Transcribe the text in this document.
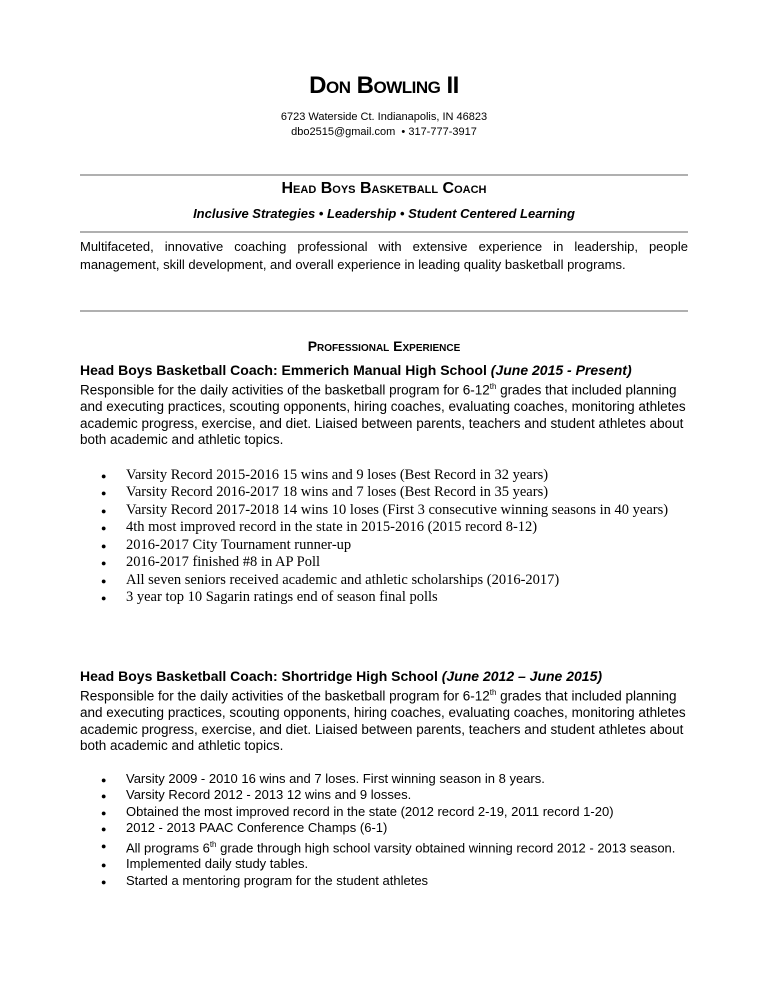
Don Bowling II
6723 Waterside Ct. Indianapolis, IN 46823
dbo2515@gmail.com • 317-777-3917
Head Boys Basketball Coach
Inclusive Strategies • Leadership • Student Centered Learning
Multifaceted, innovative coaching professional with extensive experience in leadership, people management, skill development, and overall experience in leading quality basketball programs.
Professional Experience
Head Boys Basketball Coach: Emmerich Manual High School (June 2015 - Present)
Responsible for the daily activities of the basketball program for 6-12th grades that included planning and executing practices, scouting opponents, hiring coaches, evaluating coaches, monitoring athletes academic progress, exercise, and diet. Liaised between parents, teachers and student athletes about both academic and athletic topics.
● Varsity Record 2015-2016 15 wins and 9 loses (Best Record in 32 years)
● Varsity Record 2016-2017 18 wins and 7 loses (Best Record in 35 years)
● Varsity Record 2017-2018 14 wins 10 loses (First 3 consecutive winning seasons in 40 years)
● 4th most improved record in the state in 2015-2016 (2015 record 8-12)
● 2016-2017 City Tournament runner-up
● 2016-2017 finished #8 in AP Poll
● All seven seniors received academic and athletic scholarships (2016-2017)
● 3 year top 10 Sagarin ratings end of season final polls
Head Boys Basketball Coach: Shortridge High School (June 2012 – June 2015)
Responsible for the daily activities of the basketball program for 6-12th grades that included planning and executing practices, scouting opponents, hiring coaches, evaluating coaches, monitoring athletes academic progress, exercise, and diet. Liaised between parents, teachers and student athletes about both academic and athletic topics.
● Varsity 2009 - 2010 16 wins and 7 loses. First winning season in 8 years.
● Varsity Record 2012 - 2013 12 wins and 9 losses.
● Obtained the most improved record in the state (2012 record 2-19, 2011 record 1-20)
● 2012 - 2013 PAAC Conference Champs (6-1)
● All programs 6th grade through high school varsity obtained winning record 2012 - 2013 season.
● Implemented daily study tables.
● Started a mentoring program for the student athletes
